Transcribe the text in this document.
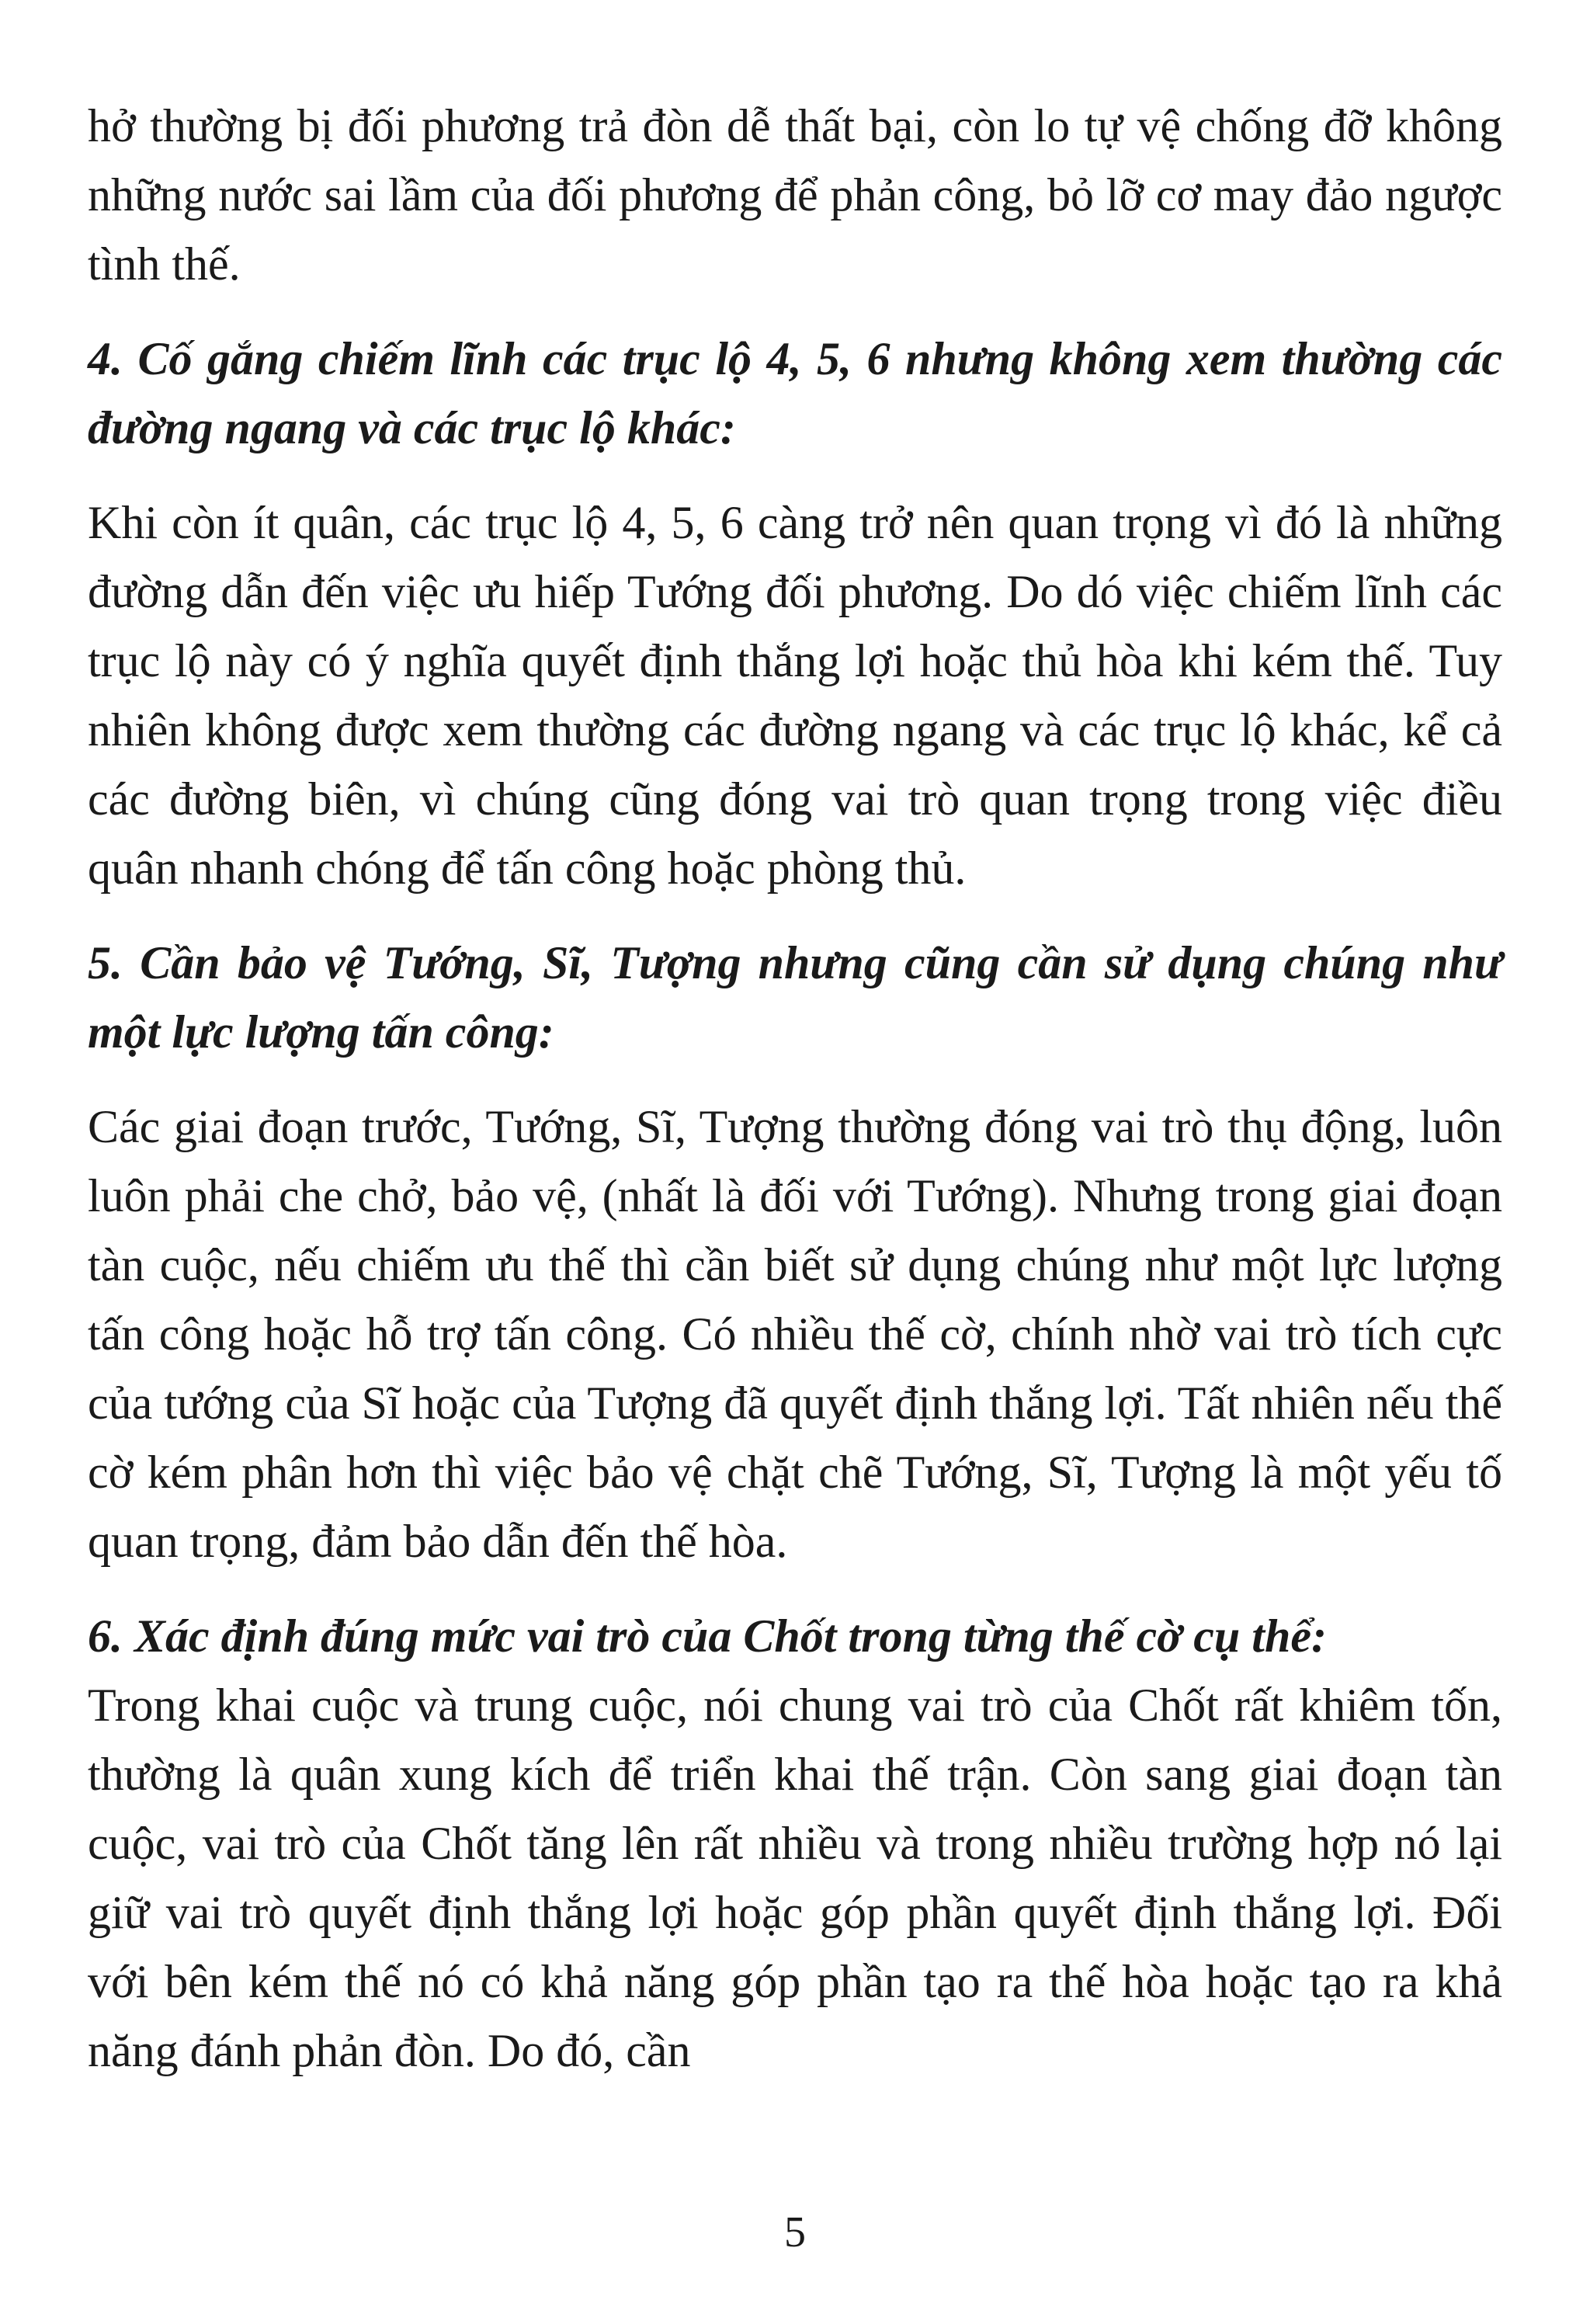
hở thường bị đối phương trả đòn dễ thất bại, còn lo tự vệ chống đỡ không những nước sai lầm của đối phương để phản công, bỏ lỡ cơ may đảo ngược tình thế.

4. Cố gắng chiếm lĩnh các trục lộ 4, 5, 6 nhưng không xem thường các đường ngang và các trục lộ khác:

Khi còn ít quân, các trục lộ 4, 5, 6 càng trở nên quan trọng vì đó là những đường dẫn đến việc ưu hiếp Tướng đối phương. Do dó việc chiếm lĩnh các trục lộ này có ý nghĩa quyết định thắng lợi hoặc thủ hòa khi kém thế. Tuy nhiên không được xem thường các đường ngang và các trục lộ khác, kể cả các đường biên, vì chúng cũng đóng vai trò quan trọng trong việc điều quân nhanh chóng để tấn công hoặc phòng thủ.

5. Cần bảo vệ Tướng, Sĩ, Tượng nhưng cũng cần sử dụng chúng như một lực lượng tấn công:

Các giai đoạn trước, Tướng, Sĩ, Tượng thường đóng vai trò thụ động, luôn luôn phải che chở, bảo vệ, (nhất là đối với Tướng). Nhưng trong giai đoạn tàn cuộc, nếu chiếm ưu thế thì cần biết sử dụng chúng như một lực lượng tấn công hoặc hỗ trợ tấn công. Có nhiều thế cờ, chính nhờ vai trò tích cực của tướng của Sĩ hoặc của Tượng đã quyết định thắng lợi. Tất nhiên nếu thế cờ kém phân hơn thì việc bảo vệ chặt chẽ Tướng, Sĩ, Tượng là một yếu tố quan trọng, đảm bảo dẫn đến thế hòa.

6. Xác định đúng mức vai trò của Chốt trong từng thế cờ cụ thể:

Trong khai cuộc và trung cuộc, nói chung vai trò của Chốt rất khiêm tốn, thường là quân xung kích để triển khai thế trận. Còn sang giai đoạn tàn cuộc, vai trò của Chốt tăng lên rất nhiều và trong nhiều trường hợp nó lại giữ vai trò quyết định thắng lợi hoặc góp phần quyết định thắng lợi. Đối với bên kém thế nó có khả năng góp phần tạo ra thế hòa hoặc tạo ra khả năng đánh phản đòn. Do đó, cần

5
